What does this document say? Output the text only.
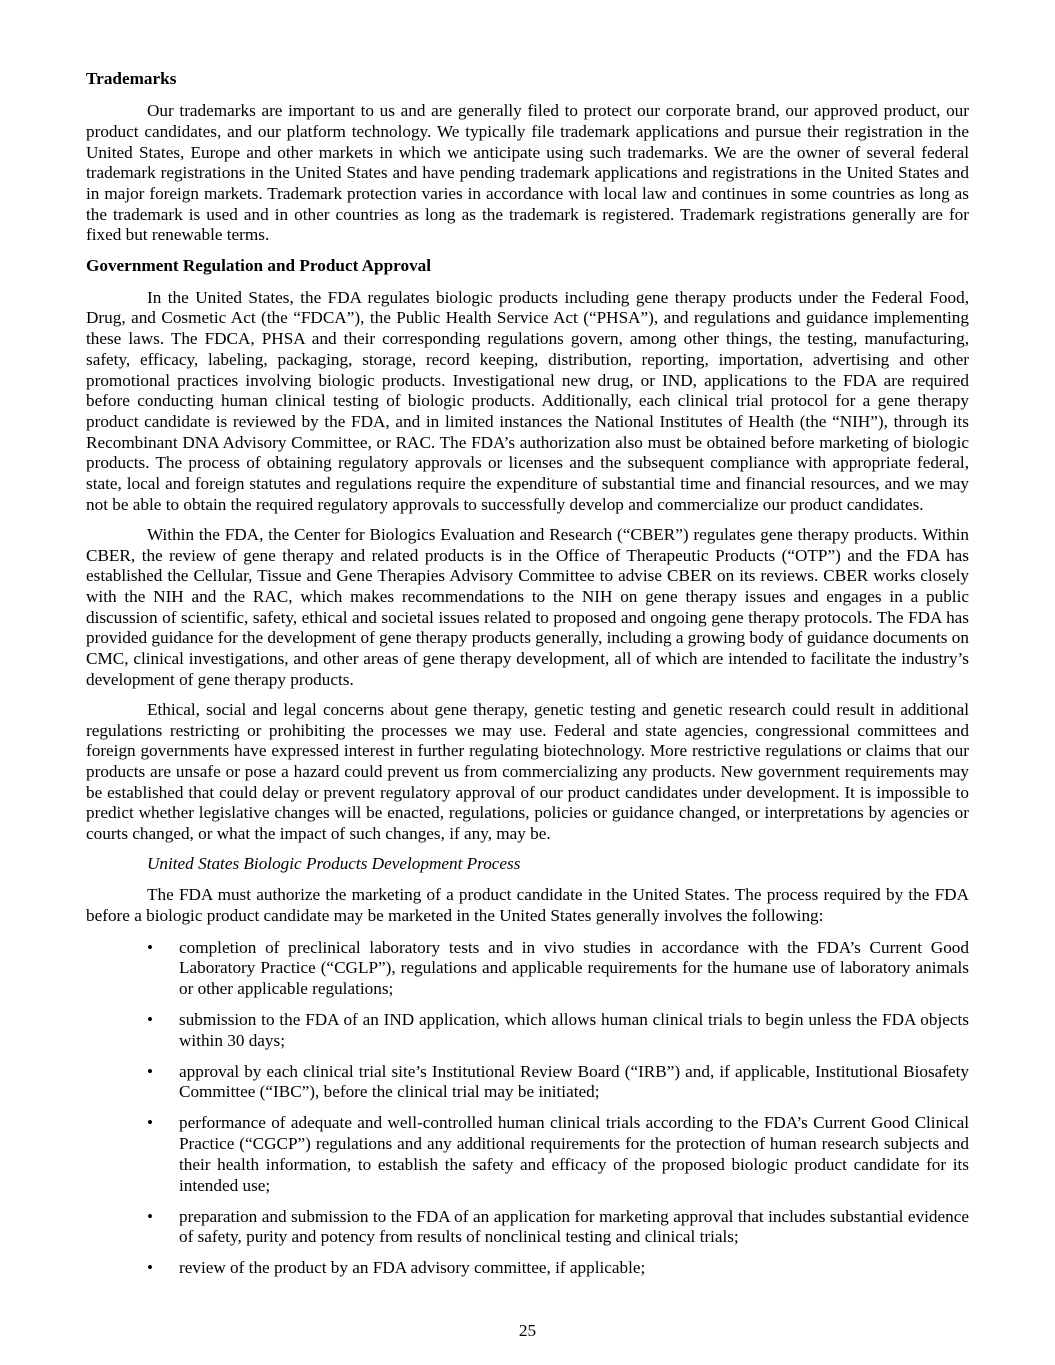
Trademarks

Our trademarks are important to us and are generally filed to protect our corporate brand, our approved product, our product candidates, and our platform technology. We typically file trademark applications and pursue their registration in the United States, Europe and other markets in which we anticipate using such trademarks. We are the owner of several federal trademark registrations in the United States and have pending trademark applications and registrations in the United States and in major foreign markets. Trademark protection varies in accordance with local law and continues in some countries as long as the trademark is used and in other countries as long as the trademark is registered. Trademark registrations generally are for fixed but renewable terms.

Government Regulation and Product Approval

In the United States, the FDA regulates biologic products including gene therapy products under the Federal Food, Drug, and Cosmetic Act (the “FDCA”), the Public Health Service Act (“PHSA”), and regulations and guidance implementing these laws. The FDCA, PHSA and their corresponding regulations govern, among other things, the testing, manufacturing, safety, efficacy, labeling, packaging, storage, record keeping, distribution, reporting, importation, advertising and other promotional practices involving biologic products. Investigational new drug, or IND, applications to the FDA are required before conducting human clinical testing of biologic products. Additionally, each clinical trial protocol for a gene therapy product candidate is reviewed by the FDA, and in limited instances the National Institutes of Health (the “NIH”), through its Recombinant DNA Advisory Committee, or RAC. The FDA’s authorization also must be obtained before marketing of biologic products. The process of obtaining regulatory approvals or licenses and the subsequent compliance with appropriate federal, state, local and foreign statutes and regulations require the expenditure of substantial time and financial resources, and we may not be able to obtain the required regulatory approvals to successfully develop and commercialize our product candidates.

Within the FDA, the Center for Biologics Evaluation and Research (“CBER”) regulates gene therapy products. Within CBER, the review of gene therapy and related products is in the Office of Therapeutic Products (“OTP”) and the FDA has established the Cellular, Tissue and Gene Therapies Advisory Committee to advise CBER on its reviews. CBER works closely with the NIH and the RAC, which makes recommendations to the NIH on gene therapy issues and engages in a public discussion of scientific, safety, ethical and societal issues related to proposed and ongoing gene therapy protocols. The FDA has provided guidance for the development of gene therapy products generally, including a growing body of guidance documents on CMC, clinical investigations, and other areas of gene therapy development, all of which are intended to facilitate the industry’s development of gene therapy products.

Ethical, social and legal concerns about gene therapy, genetic testing and genetic research could result in additional regulations restricting or prohibiting the processes we may use. Federal and state agencies, congressional committees and foreign governments have expressed interest in further regulating biotechnology. More restrictive regulations or claims that our products are unsafe or pose a hazard could prevent us from commercializing any products. New government requirements may be established that could delay or prevent regulatory approval of our product candidates under development. It is impossible to predict whether legislative changes will be enacted, regulations, policies or guidance changed, or interpretations by agencies or courts changed, or what the impact of such changes, if any, may be.

United States Biologic Products Development Process

The FDA must authorize the marketing of a product candidate in the United States. The process required by the FDA before a biologic product candidate may be marketed in the United States generally involves the following:

• completion of preclinical laboratory tests and in vivo studies in accordance with the FDA’s Current Good Laboratory Practice (“CGLP”), regulations and applicable requirements for the humane use of laboratory animals or other applicable regulations;
• submission to the FDA of an IND application, which allows human clinical trials to begin unless the FDA objects within 30 days;
• approval by each clinical trial site’s Institutional Review Board (“IRB”) and, if applicable, Institutional Biosafety Committee (“IBC”), before the clinical trial may be initiated;
• performance of adequate and well-controlled human clinical trials according to the FDA’s Current Good Clinical Practice (“CGCP”) regulations and any additional requirements for the protection of human research subjects and their health information, to establish the safety and efficacy of the proposed biologic product candidate for its intended use;
• preparation and submission to the FDA of an application for marketing approval that includes substantial evidence of safety, purity and potency from results of nonclinical testing and clinical trials;
• review of the product by an FDA advisory committee, if applicable;
25
